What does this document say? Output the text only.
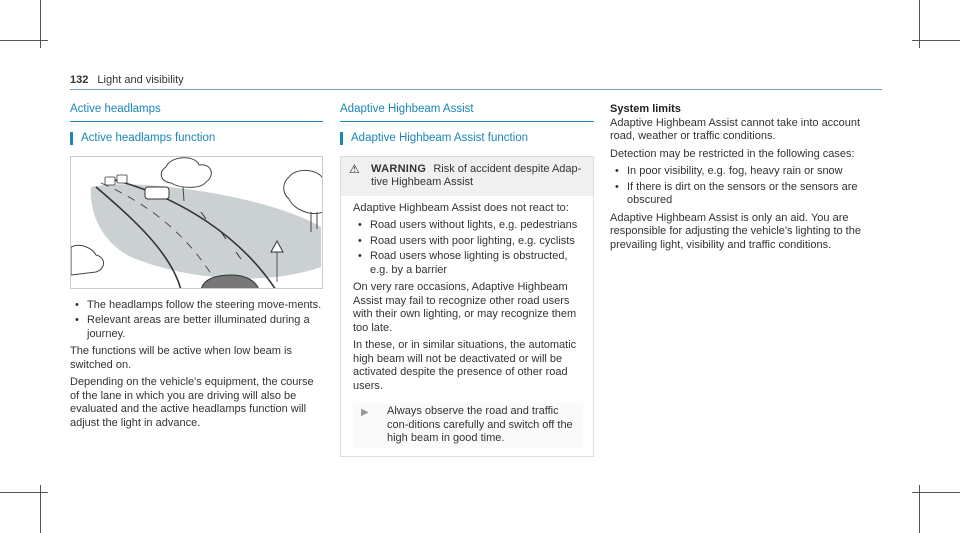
132 Light and visibility
Active headlamps
Active headlamps function
• The headlamps follow the steering move-ments.
• Relevant areas are better illuminated during a journey.

The functions will be active when low beam is switched on.

Depending on the vehicle's equipment, the course of the lane in which you are driving will also be evaluated and the active headlamps function will adjust the light in advance.

Adaptive Highbeam Assist
Adaptive Highbeam Assist function
⚠	WARNING Risk of accident despite Adap-tive Highbeam Assist

Adaptive Highbeam Assist does not react to:

• Road users without lights, e.g. pedestrians
• Road users with poor lighting, e.g. cyclists
• Road users whose lighting is obstructed, e.g. by a barrier

On very rare occasions, Adaptive Highbeam Assist may fail to recognize other road users with their own lighting, or may recognize them too late.

In these, or in similar situations, the automatic high beam will not be deactivated or will be activated despite the presence of other road users.

▶	Always observe the road and traffic con-ditions carefully and switch off the high beam in good time.
System limits

Adaptive Highbeam Assist cannot take into account road, weather or traffic conditions.

Detection may be restricted in the following cases:

• In poor visibility, e.g. fog, heavy rain or snow
• If there is dirt on the sensors or the sensors are obscured

Adaptive Highbeam Assist is only an aid. You are responsible for adjusting the vehicle's lighting to the prevailing light, visibility and traffic conditions.
